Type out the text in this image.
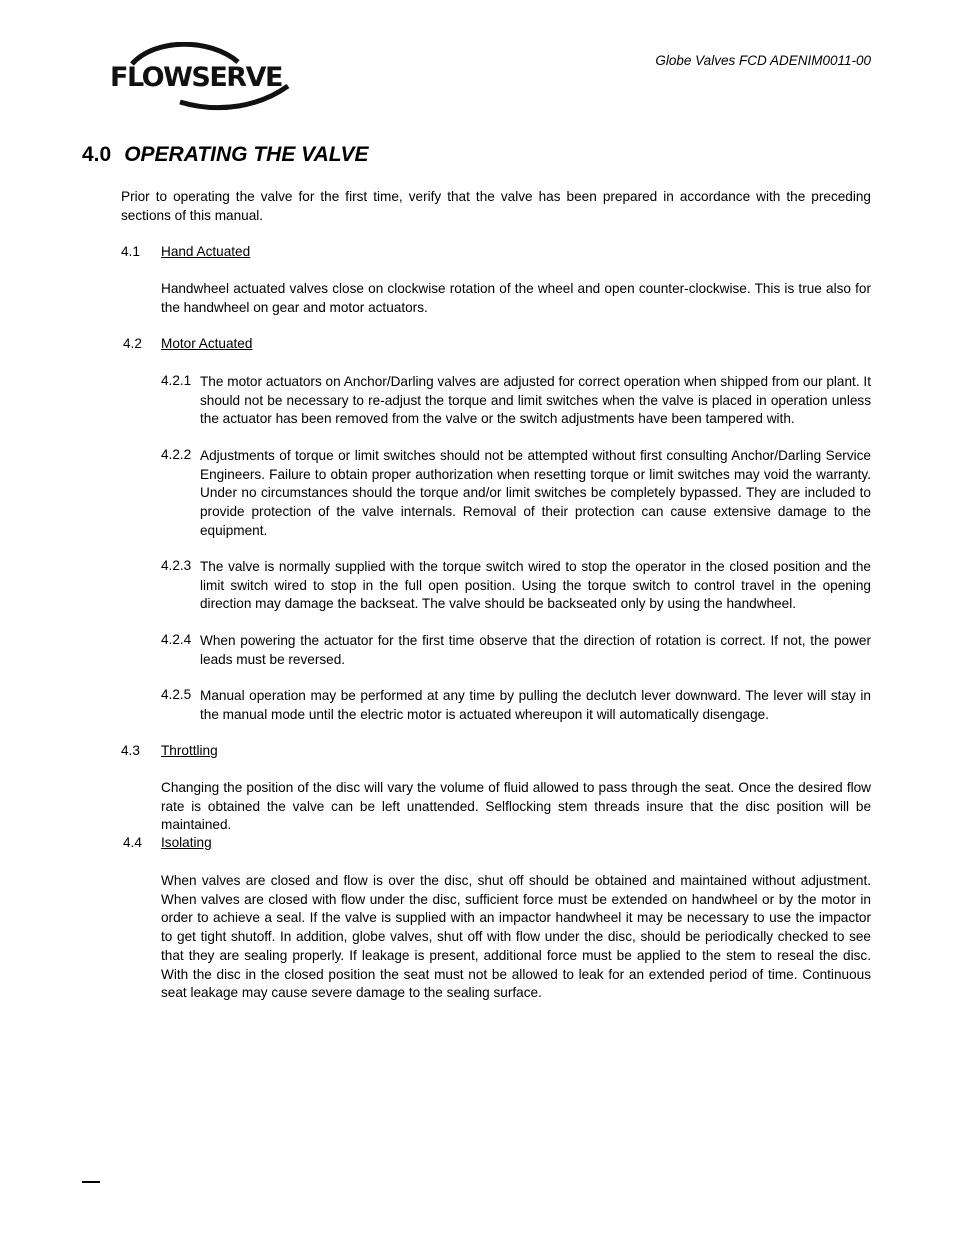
FLOWSERVE
Globe Valves FCD ADENIM0011-00
4.0 OPERATING THE VALVE
Prior to operating the valve for the first time, verify that the valve has been prepared in accordance with the preceding sections of this manual.
4.1 Hand Actuated
Handwheel actuated valves close on clockwise rotation of the wheel and open counter-clockwise. This is true also for the handwheel on gear and motor actuators.
4.2 Motor Actuated
4.2.1 The motor actuators on Anchor/Darling valves are adjusted for correct operation when shipped from our plant. It should not be necessary to re-adjust the torque and limit switches when the valve is placed in operation unless the actuator has been removed from the valve or the switch adjustments have been tampered with.
4.2.2 Adjustments of torque or limit switches should not be attempted without first consulting Anchor/Darling Service Engineers. Failure to obtain proper authorization when resetting torque or limit switches may void the warranty. Under no circumstances should the torque and/or limit switches be completely bypassed. They are included to provide protection of the valve internals. Removal of their protection can cause extensive damage to the equipment.
4.2.3 The valve is normally supplied with the torque switch wired to stop the operator in the closed position and the limit switch wired to stop in the full open position. Using the torque switch to control travel in the opening direction may damage the backseat. The valve should be backseated only by using the handwheel.
4.2.4 When powering the actuator for the first time observe that the direction of rotation is correct. If not, the power leads must be reversed.
4.2.5 Manual operation may be performed at any time by pulling the declutch lever downward. The lever will stay in the manual mode until the electric motor is actuated whereupon it will automatically disengage.
4.3 Throttling
Changing the position of the disc will vary the volume of fluid allowed to pass through the seat. Once the desired flow rate is obtained the valve can be left unattended. Selflocking stem threads insure that the disc position will be maintained.
4.4 Isolating
When valves are closed and flow is over the disc, shut off should be obtained and maintained without adjustment. When valves are closed with flow under the disc, sufficient force must be extended on handwheel or by the motor in order to achieve a seal. If the valve is supplied with an impactor handwheel it may be necessary to use the impactor to get tight shutoff. In addition, globe valves, shut off with flow under the disc, should be periodically checked to see that they are sealing properly. If leakage is present, additional force must be applied to the stem to reseal the disc. With the disc in the closed position the seat must not be allowed to leak for an extended period of time. Continuous seat leakage may cause severe damage to the sealing surface.
